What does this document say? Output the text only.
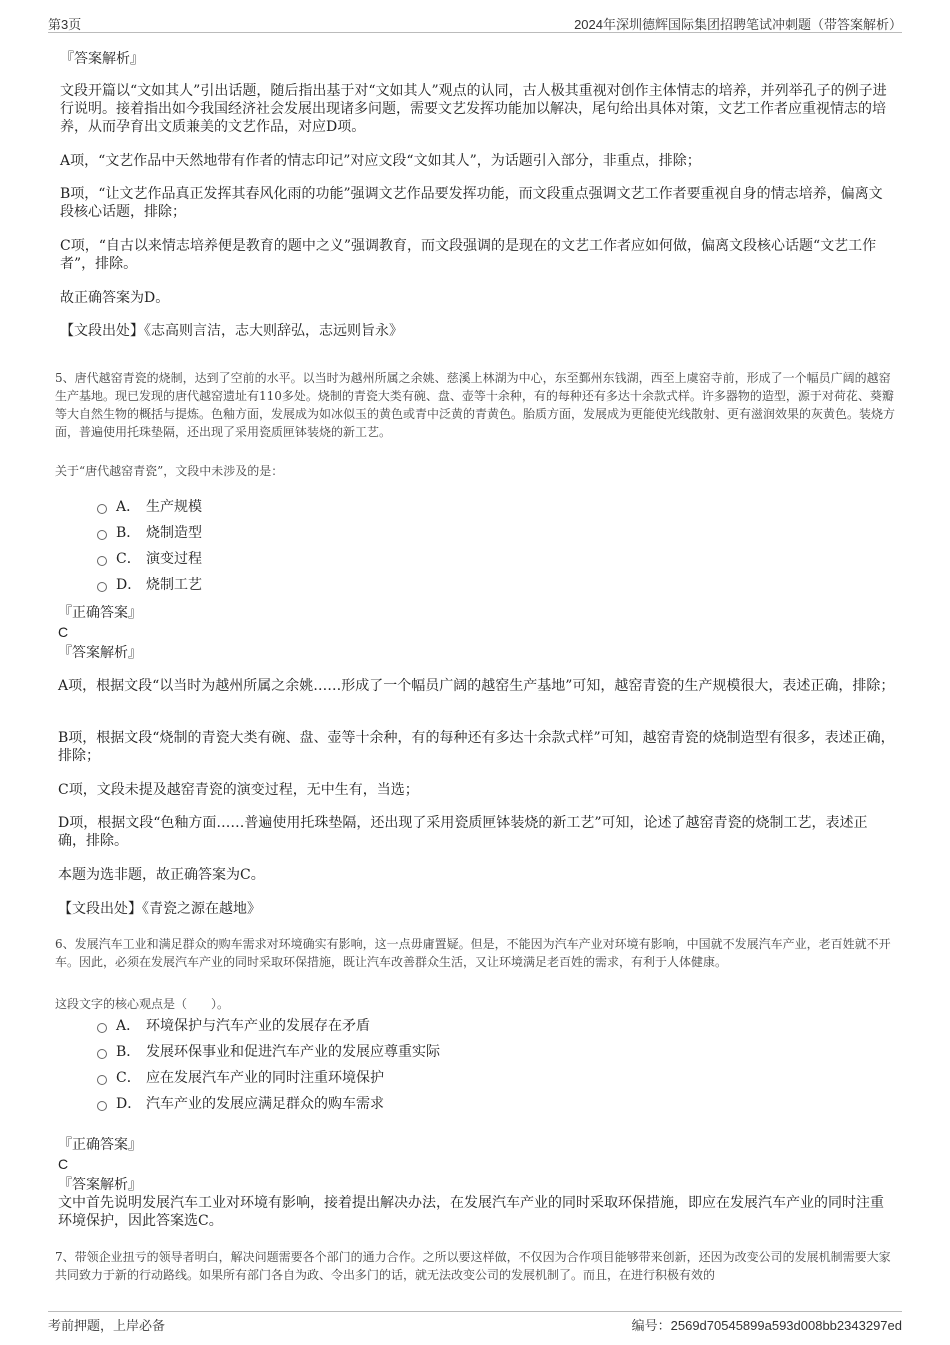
第3页	2024年深圳德辉国际集团招聘笔试冲刺题（带答案解析）
『答案解析』
文段开篇以“文如其人”引出话题，随后指出基于对“文如其人”观点的认同，古人极其重视对创作主体情志的培养，并列举孔子的例子进行说明。接着指出如今我国经济社会发展出现诸多问题，需要文艺发挥功能加以解决，尾句给出具体对策，文艺工作者应重视情志的培养，从而孕育出文质兼美的文艺作品，对应D项。
A项，“文艺作品中天然地带有作者的情志印记”对应文段“文如其人”，为话题引入部分，非重点，排除；
B项，“让文艺作品真正发挥其春风化雨的功能”强调文艺作品要发挥功能，而文段重点强调文艺工作者要重视自身的情志培养，偏离文段核心话题，排除；
C项，“自古以来情志培养便是教育的题中之义”强调教育，而文段强调的是现在的文艺工作者应如何做，偏离文段核心话题“文艺工作者”，排除。
故正确答案为D。
【文段出处】《志高则言洁，志大则辞弘，志远则旨永》
5、唐代越窑青瓷的烧制，达到了空前的水平。以当时为越州所属之余姚、慈溪上林湖为中心，东至鄞州东钱湖，西至上虞窑寺前，形成了一个幅员广阔的越窑生产基地。现已发现的唐代越窑遗址有110多处。烧制的青瓷大类有碗、盘、壶等十余种，有的每种还有多达十余款式样。许多器物的造型，源于对荷花、葵瓣等大自然生物的概括与提炼。色釉方面，发展成为如冰似玉的黄色或青中泛黄的青黄色。胎质方面，发展成为更能使光线散射、更有滋润效果的灰黄色。装烧方面，普遍使用托珠垫隔，还出现了采用瓷质匣钵装烧的新工艺。
关于“唐代越窑青瓷”，文段中未涉及的是：
A． 生产规模
B． 烧制造型
C． 演变过程
D． 烧制工艺
『正确答案』
C
『答案解析』
A项，根据文段“以当时为越州所属之余姚……形成了一个幅员广阔的越窑生产基地”可知，越窑青瓷的生产规模很大，表述正确，排除；
B项，根据文段“烧制的青瓷大类有碗、盘、壶等十余种，有的每种还有多达十余款式样”可知，越窑青瓷的烧制造型有很多，表述正确，排除；
C项，文段未提及越窑青瓷的演变过程，无中生有，当选；
D项，根据文段“色釉方面……普遍使用托珠垫隔，还出现了采用瓷质匣钵装烧的新工艺”可知，论述了越窑青瓷的烧制工艺，表述正确，排除。
本题为选非题，故正确答案为C。
【文段出处】《青瓷之源在越地》
6、发展汽车工业和满足群众的购车需求对环境确实有影响，这一点毋庸置疑。但是，不能因为汽车产业对环境有影响，中国就不发展汽车产业，老百姓就不开车。因此，必须在发展汽车产业的同时采取环保措施，既让汽车改善群众生活，又让环境满足老百姓的需求，有利于人体健康。
这段文字的核心观点是（　　）。
A． 环境保护与汽车产业的发展存在矛盾
B． 发展环保事业和促进汽车产业的发展应尊重实际
C． 应在发展汽车产业的同时注重环境保护
D． 汽车产业的发展应满足群众的购车需求
『正确答案』
C
『答案解析』
文中首先说明发展汽车工业对环境有影响，接着提出解决办法，在发展汽车产业的同时采取环保措施，即应在发展汽车产业的同时注重环境保护，因此答案选C。
7、带领企业扭亏的领导者明白，解决问题需要各个部门的通力合作。之所以要这样做，不仅因为合作项目能够带来创新，还因为改变公司的发展机制需要大家共同致力于新的行动路线。如果所有部门各自为政、令出多门的话，就无法改变公司的发展机制了。而且，在进行积极有效的
考前押题，上岸必备	编号：2569d70545899a593d008bb2343297ed
